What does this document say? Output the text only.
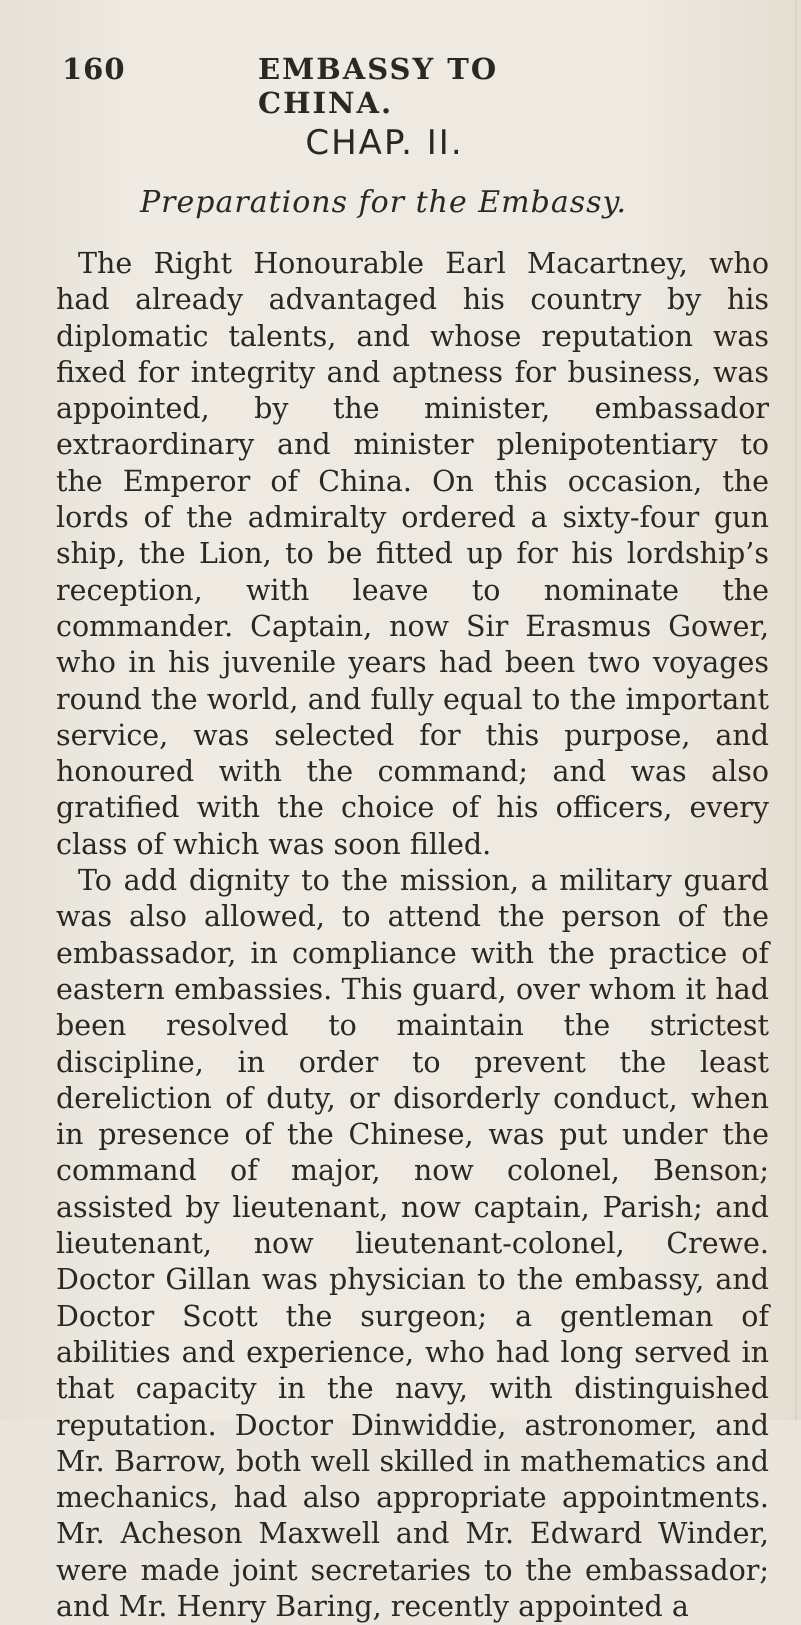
160	EMBASSY TO CHINA.
CHAP. II.
Preparations for the Embassy.

The Right Honourable Earl Macartney, who had already advantaged his country by his diplomatic talents, and whose reputation was fixed for integrity and aptness for business, was appointed, by the minister, embassador extraordinary and minister plenipotentiary to the Emperor of China. On this occasion, the lords of the admiralty ordered a sixty-four gun ship, the Lion, to be fitted up for his lordship’s reception, with leave to nominate the commander. Captain, now Sir Erasmus Gower, who in his juvenile years had been two voyages round the world, and fully equal to the important service, was selected for this purpose, and honoured with the command; and was also gratified with the choice of his officers, every class of which was soon filled.

To add dignity to the mission, a military guard was also allowed, to attend the person of the embassador, in compliance with the practice of eastern embassies. This guard, over whom it had been resolved to maintain the strictest discipline, in order to prevent the least dereliction of duty, or disorderly conduct, when in presence of the Chinese, was put under the command of major, now colonel, Benson; assisted by lieutenant, now captain, Parish; and lieutenant, now lieutenant-colonel, Crewe. Doctor Gillan was physician to the embassy, and Doctor Scott the surgeon; a gentleman of abilities and experience, who had long served in that capacity in the navy, with distinguished reputation. Doctor Dinwiddie, astronomer, and Mr. Barrow, both well skilled in mathematics and mechanics, had also appropriate appointments. Mr. Acheson Maxwell and Mr. Edward Winder, were made joint secretaries to the embassador; and Mr. Henry Baring, recently appointed a
